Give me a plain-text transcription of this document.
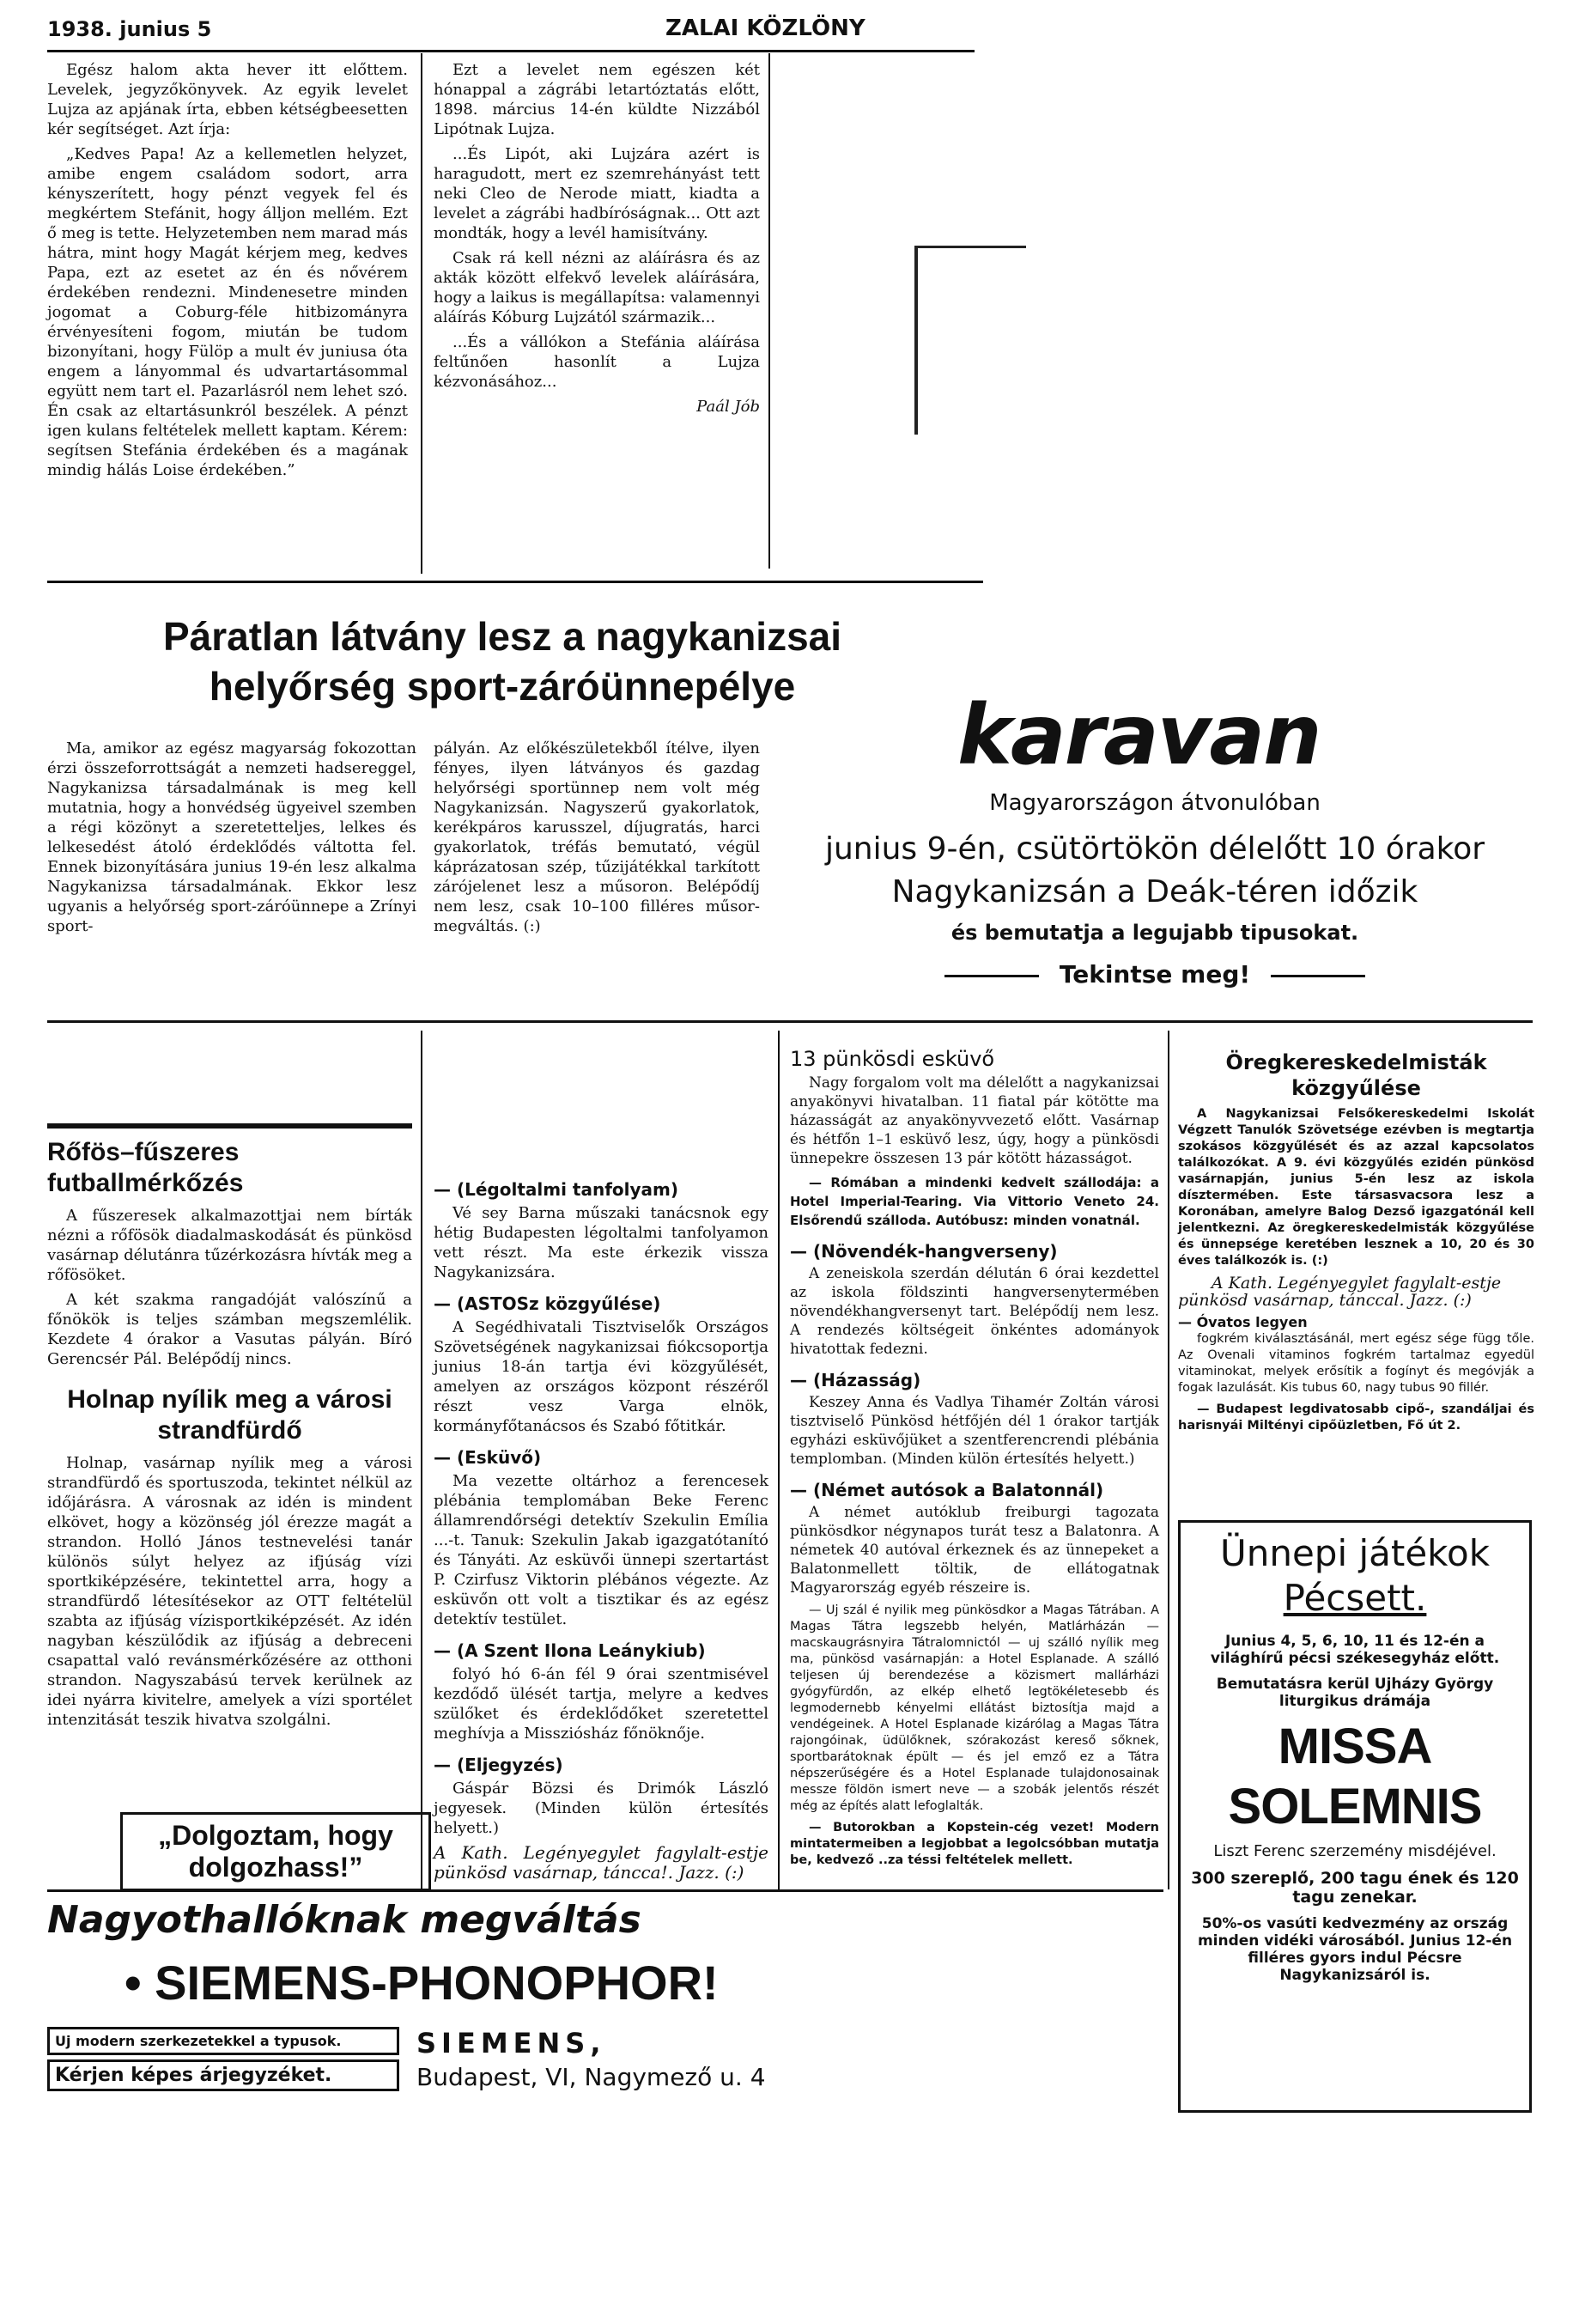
1938. junius 5	ZALAI KÖZLÖNY

Egész halom akta hever itt előttem. Levelek, jegyzőkönyvek. Az egyik levelet Lujza az apjának írta, ebben kétségbeesetten kér segítséget. Azt írja:

„Kedves Papa! Az a kellemetlen helyzet, amibe engem családom sodort, arra kényszerített, hogy pénzt vegyek fel és megkértem Stefánit, hogy álljon mellém. Ezt ő meg is tette. Helyzetemben nem marad más hátra, mint hogy Magát kérjem meg, kedves Papa, ezt az esetet az én és nővérem érdekében rendezni. Mindenesetre minden jogomat a Coburg-féle hitbizományra érvényesíteni fogom, miután be tudom bizonyítani, hogy Fülöp a mult év juniusa óta engem a lányommal és udvartartásommal együtt nem tart el. Pazarlásról nem lehet szó. Én csak az eltartásunkról beszélek. A pénzt igen kulans feltételek mellett kaptam. Kérem: segítsen Stefánia érdekében és a magának mindig hálás Loise érdekében.”

Ezt a levelet nem egészen két hónappal a zágrábi letartóztatás előtt, 1898. március 14-én küldte Nizzából Lipótnak Lujza.

...És Lipót, aki Lujzára azért is haragudott, mert ez szemrehányást tett neki Cleo de Nerode miatt, kiadta a levelet a zágrábi hadbíróságnak... Ott azt mondták, hogy a levél hamisítvány.

Csak rá kell nézni az aláírásra és az akták között elfekvő levelek aláírására, hogy a laikus is megállapítsa: valamennyi aláírás Kóburg Lujzától származik...

...És a vállókon a Stefánia aláírása feltűnően hasonlít a Lujza kézvonásához...

Paál Jób
Páratlan látvány lesz a nagykanizsai
helyőrség sport-záróünnepélye

Ma, amikor az egész magyarság fokozottan érzi összeforrottságát a nemzeti hadsereggel, Nagykanizsa társadalmának is meg kell mutatnia, hogy a honvédség ügyeivel szemben a régi közönyt a szeretetteljes, lelkes és lelkesedést átoló érdeklődés váltotta fel. Ennek bizonyítására junius 19-én lesz alkalma Nagykanizsa társadalmának. Ekkor lesz ugyanis a helyőrség sport-záróünnepe a Zrínyi sport-

pályán. Az előkészületekből ítélve, ilyen fényes, ilyen látványos és gazdag helyőrségi sportünnep nem volt még Nagykanizsán. Nagyszerű gyakorlatok, kerékpáros karusszel, díjugratás, harci gyakorlatok, tréfás bemutató, végül káprázatosan szép, tűzijátékkal tarkított zárójelenet lesz a műsoron. Belépődíj nem lesz, csak 10–100 filléres műsor-megváltás. (:)

karavan
Magyarországon átvonulóban
junius 9-én, csütörtökön délelőtt 10 órakor
Nagykanizsán a Deák-téren időzik
és bemutatja a legujabb tipusokat.
Tekintse meg!
Rőfös–fűszeres futballmérkőzés

A fűszeresek alkalmazottjai nem bírták nézni a rőfösök diadalmaskodását és pünkösd vasárnap délutánra tűzérkozásra hívták meg a rőfösöket.

A két szakma rangadóját valószínű a főnökök is teljes számban megszemlélik. Kezdete 4 órakor a Vasutas pályán. Bíró Gerencsér Pál. Belépődíj nincs.

Holnap nyílik meg a városi strandfürdő

Holnap, vasárnap nyílik meg a városi strandfürdő és sportuszoda, tekintet nélkül az időjárásra. A városnak az idén is mindent elkövet, hogy a közönség jól érezze magát a strandon. Holló János testnevelési tanár különös súlyt helyez az ifjúság vízi sportkiképzésére, tekintettel arra, hogy a strandfürdő létesítésekor az OTT feltételül szabta az ifjúság vízisportkiképzését. Az idén nagyban készülődik az ifjúság a debreceni csapattal való revánsmérkőzésére az otthoni strandon. Nagyszabású tervek kerülnek az idei nyárra kivitelre, amelyek a vízi sportélet intenzitását teszik hivatva szolgálni.

„Dolgoztam, hogy dolgozhass!”
— (Légoltalmi tanfolyam)

Vé sey Barna műszaki tanácsnok egy hétig Budapesten légoltalmi tanfolyamon vett részt. Ma este érkezik vissza Nagykanizsára.

— (ASTOSz közgyűlése)

A Segédhivatali Tisztviselők Országos Szövetségének nagykanizsai fiókcsoportja junius 18-án tartja évi közgyűlését, amelyen az országos központ részéről részt vesz Varga elnök, kormányfőtanácsos és Szabó főtitkár.

— (Esküvő)

Ma vezette oltárhoz a ferencesek plébánia templomában Beke Ferenc államrendőrségi detektív Szekulin Emília ...-t. Tanuk: Szekulin Jakab igazgatótanító és Tányáti. Az esküvői ünnepi szertartást P. Czirfusz Viktorin plébános végezte. Az esküvőn ott volt a tisztikar és az egész detektív testület.

— (A Szent Ilona Leánykiub)

folyó hó 6-án fél 9 órai szentmisével kezdődő ülését tartja, melyre a kedves szülőket és érdeklődőket szeretettel meghívja a Missziósház főnöknője.

— (Eljegyzés)

Gáspár Bözsi és Drimók László jegyesek. (Minden külön értesítés helyett.)

A Kath. Legényegylet fagylalt-estje pünkösd vasárnap, táncca!. Jazz. (:)
13 pünkösdi esküvő

Nagy forgalom volt ma délelőtt a nagykanizsai anyakönyvi hivatalban. 11 fiatal pár kötötte ma házasságát az anyakönyvvezető előtt. Vasárnap és hétfőn 1–1 esküvő lesz, úgy, hogy a pünkösdi ünnepekre összesen 13 pár kötött házasságot.

— Rómában a mindenki kedvelt szállodája: a Hotel Imperial-Tearing. Via Vittorio Veneto 24. Elsőrendű szálloda. Autóbusz: minden vonatnál.

— (Növendék-hangverseny)

A zeneiskola szerdán délután 6 órai kezdettel az iskola földszinti hangversenytermében növendékhangversenyt tart. Belépődíj nem lesz. A rendezés költségeit önkéntes adományok hivatottak fedezni.

— (Házasság)

Keszey Anna és Vadlya Tihamér Zoltán városi tisztviselő Pünkösd hétfőjén dél 1 órakor tartják egyházi esküvőjüket a szentferencrendi plébánia templomban. (Minden külön értesítés helyett.)

— (Német autósok a Balatonnál)

A német autóklub freiburgi tagozata pünkösdkor négynapos turát tesz a Balatonra. A németek 40 autóval érkeznek és az ünnepeket a Balatonmellett töltik, de ellátogatnak Magyarország egyéb részeire is.

— Uj szál é nyilik meg pünkösdkor a Magas Tátrában. A Magas Tátra legszebb helyén, Matlárházán — macskaugrásnyira Tátralomnictól — uj szálló nyílik meg ma, pünkösd vasárnapján: a Hotel Esplanade. A szálló teljesen új berendezése a közismert mallárházi gyógyfürdőn, az elkép elhető legtökéletesebb és legmodernebb kényelmi ellátást biztosítja majd a vendégeinek. A Hotel Esplanade kizárólag a Magas Tátra rajongóinak, üdülőknek, szórakozást kereső sőknek, sportbarátoknak épült — és jel emző ez a Tátra népszerűségére és a Hotel Esplanade tulajdonosainak messze földön ismert neve — a szobák jelentős részét még az építés alatt lefoglalták.

— Butorokban a Kopstein-cég vezet! Modern mintatermeiben a legjobbat a legolcsóbban mutatja be, kedvező ..za téssi feltételek mellett.

Öregkereskedelmisták közgyűlése

A Nagykanizsai Felsőkereskedelmi Iskolát Végzett Tanulók Szövetsége ezévben is megtartja szokásos közgyűlését és az azzal kapcsolatos találkozókat. A 9. évi közgyűlés ezidén pünkösd vasárnapján, junius 5-én lesz az iskola dísztermében. Este társasvacsora lesz a Koronában, amelyre Balog Dezső igazgatónál kell jelentkezni. Az öregkereskedelmisták közgyűlése és ünnepsége keretében lesznek a 10, 20 és 30 éves találkozók is. (:)

A Kath. Legényegylet fagylalt-estje
pünkösd vasárnap, tánccal. Jazz. (:)
— Óvatos legyen

fogkrém kiválasztásánál, mert egész sége függ tőle. Az Ovenali vitaminos fogkrém tartalmaz egyedül vitaminokat, melyek erősítik a fogínyt és megóvják a fogak lazulását. Kis tubus 60, nagy tubus 90 fillér.

— Budapest legdivatosabb cipő-, szandáljai és harisnyái Miltényi cipőüzletben, Fő út 2.

Ünnepi játékok
Pécsett.
Junius 4, 5, 6, 10, 11 és 12-én a világhírű pécsi székesegyház előtt.
Bemutatásra kerül Ujházy György liturgikus drámája
MISSA SOLEMNIS
Liszt Ferenc szerzemény misdéjével.
300 szereplő, 200 tagu ének és 120 tagu zenekar.
50%-os vasúti kedvezmény az ország minden vidéki városából. Junius 12-én filléres gyors indul Pécsre Nagykanizsáról is.
Nagyothallóknak megváltás
• SIEMENS-PHONOPHOR!
Uj modern szerkezetekkel a typusok.
Kérjen képes árjegyzéket.
SIEMENS,
Budapest, VI, Nagymező u. 4
